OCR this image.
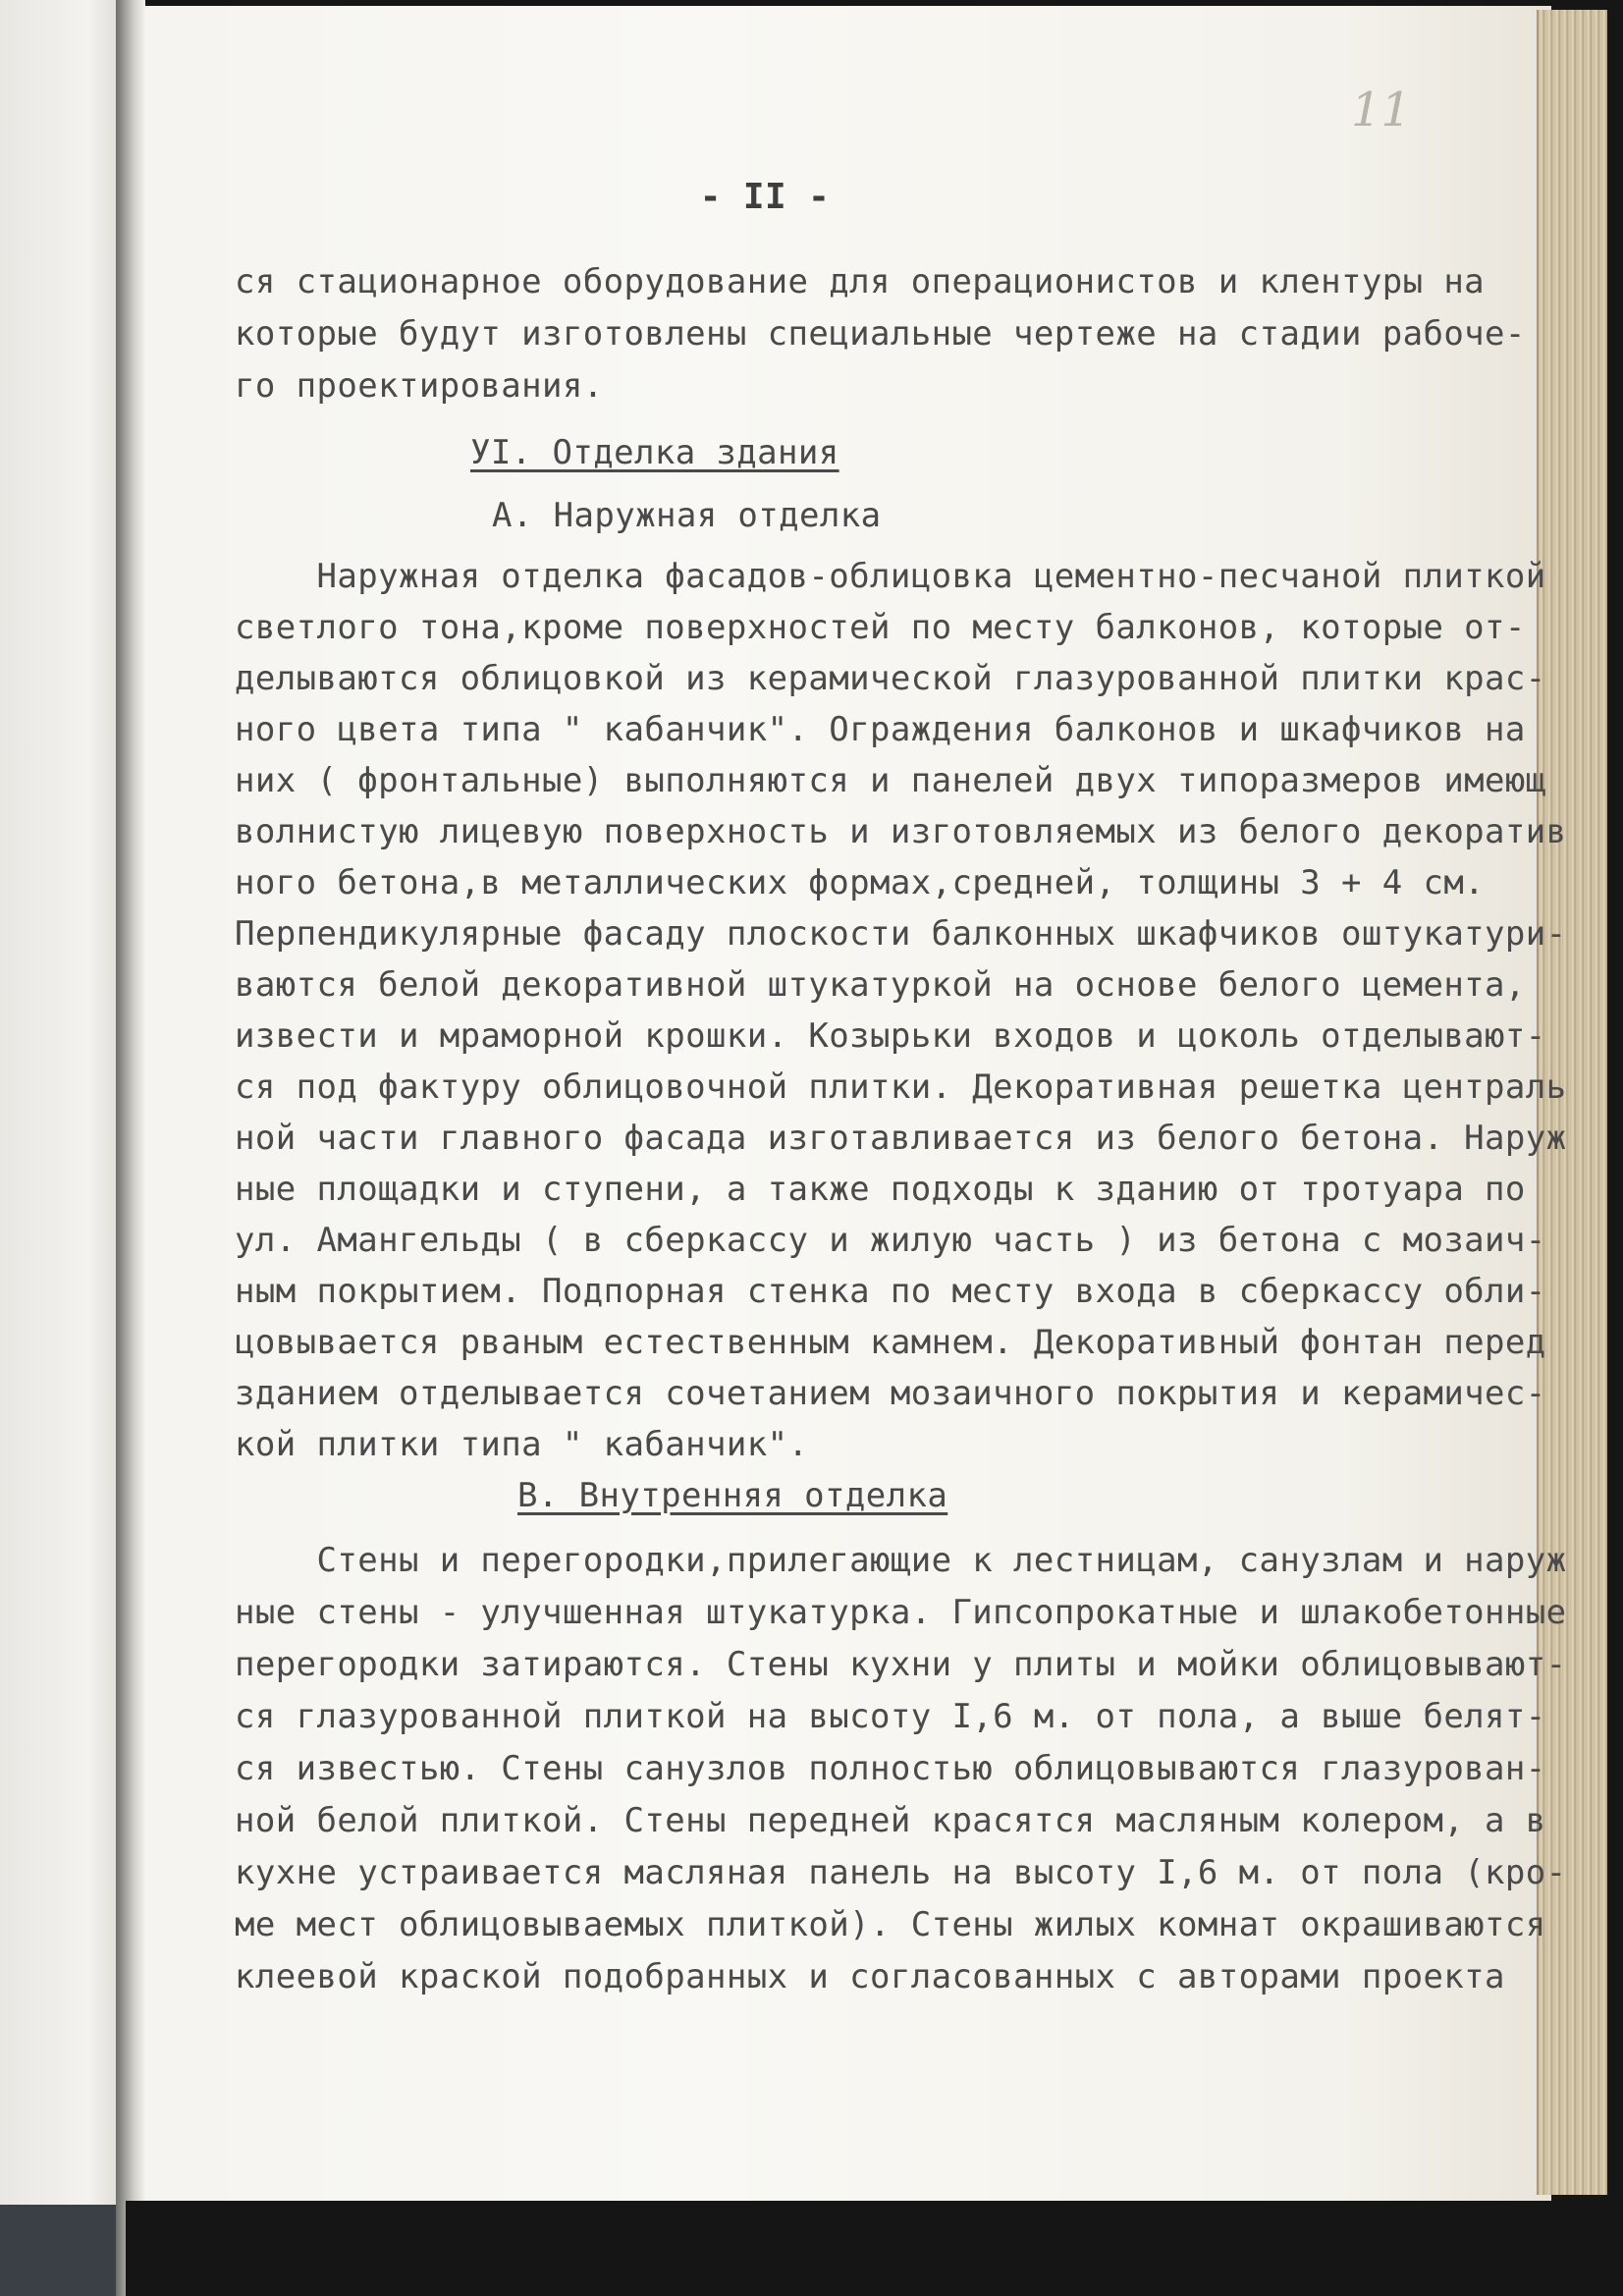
11
- II -
ся стационарное оборудование для операционистов и клентуры на
которые будут изготовлены специальные чертеже на стадии рабоче-
го проектирования.
УI. Отделка здания
А. Наружная отделка
Наружная отделка фасадов-облицовка цементно-песчаной плиткой
светлого тона,кроме поверхностей по месту балконов, которые от-
делываются облицовкой из керамической глазурованной плитки крас-
ного цвета типа " кабанчик". Ограждения балконов и шкафчиков на
них ( фронтальные) выполняются и панелей двух типоразмеров имеющ
волнистую лицевую поверхность и изготовляемых из белого декоратив
ного бетона,в металлических формах,средней, толщины 3 + 4 см.
Перпендикулярные фасаду плоскости балконных шкафчиков оштукатури-
ваются белой декоративной штукатуркой на основе белого цемента,
извести и мраморной крошки. Козырьки входов и цоколь отделывают-
ся под фактуру облицовочной плитки. Декоративная решетка централь
ной части главного фасада изготавливается из белого бетона. Наруж
ные площадки и ступени, а также подходы к зданию от тротуара по
ул. Амангельды ( в сберкассу и жилую часть ) из бетона с мозаич-
ным покрытием. Подпорная стенка по месту входа в сберкассу обли-
цовывается рваным естественным камнем. Декоративный фонтан перед
зданием отделывается сочетанием мозаичного покрытия и керамичес-
кой плитки типа " кабанчик".
В. Внутренняя отделка
Стены и перегородки,прилегающие к лестницам, санузлам и наруж
ные стены - улучшенная штукатурка. Гипсопрокатные и шлакобетонные
перегородки затираются. Стены кухни у плиты и мойки облицовывают-
ся глазурованной плиткой на высоту I,6 м. от пола, а выше белят-
ся известью. Стены санузлов полностью облицовываются глазурован-
ной белой плиткой. Стены передней красятся масляным колером, а в
кухне устраивается масляная панель на высоту I,6 м. от пола (кро-
ме мест облицовываемых плиткой). Стены жилых комнат окрашиваются
клеевой краской подобранных и согласованных с авторами проекта
